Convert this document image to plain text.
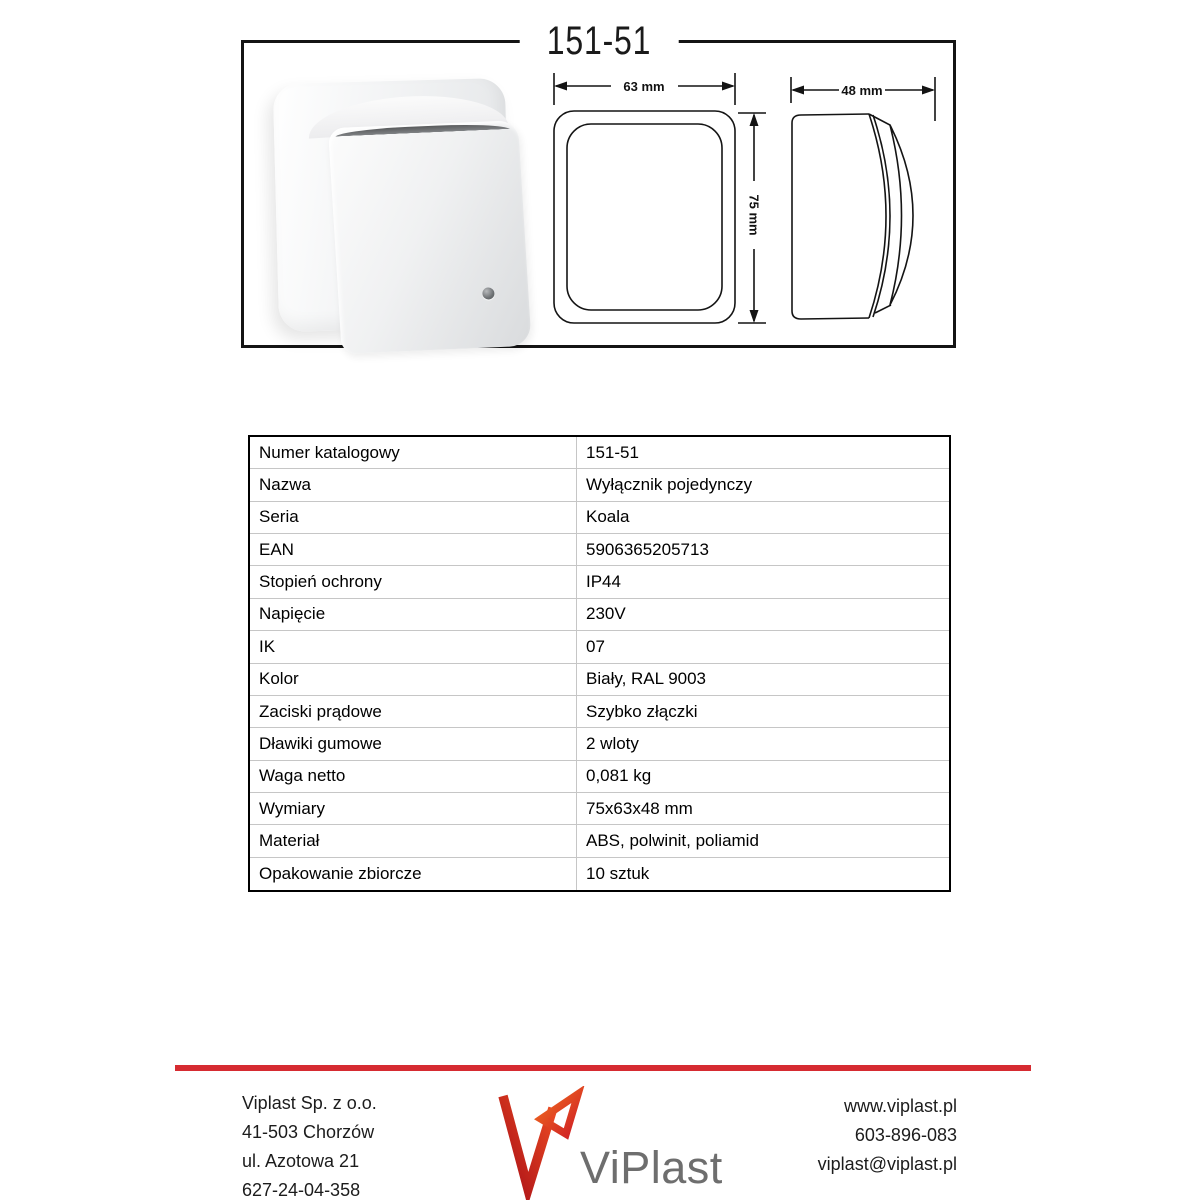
151-51
63 mm
75 mm
48 mm
Numer katalogowy	151-51
Nazwa	Wyłącznik pojedynczy
Seria	Koala
EAN	5906365205713
Stopień ochrony	IP44
Napięcie	230V
IK	07
Kolor	Biały, RAL 9003
Zaciski prądowe	Szybko złączki
Dławiki gumowe	2 wloty
Waga netto	0,081 kg
Wymiary	75x63x48 mm
Materiał	ABS, polwinit, poliamid
Opakowanie zbiorcze	10 sztuk
Viplast Sp. z o.o.
41-503 Chorzów
ul. Azotowa 21
627-24-04-358	ViPlast
www.viplast.pl
603-896-083
viplast@viplast.pl
